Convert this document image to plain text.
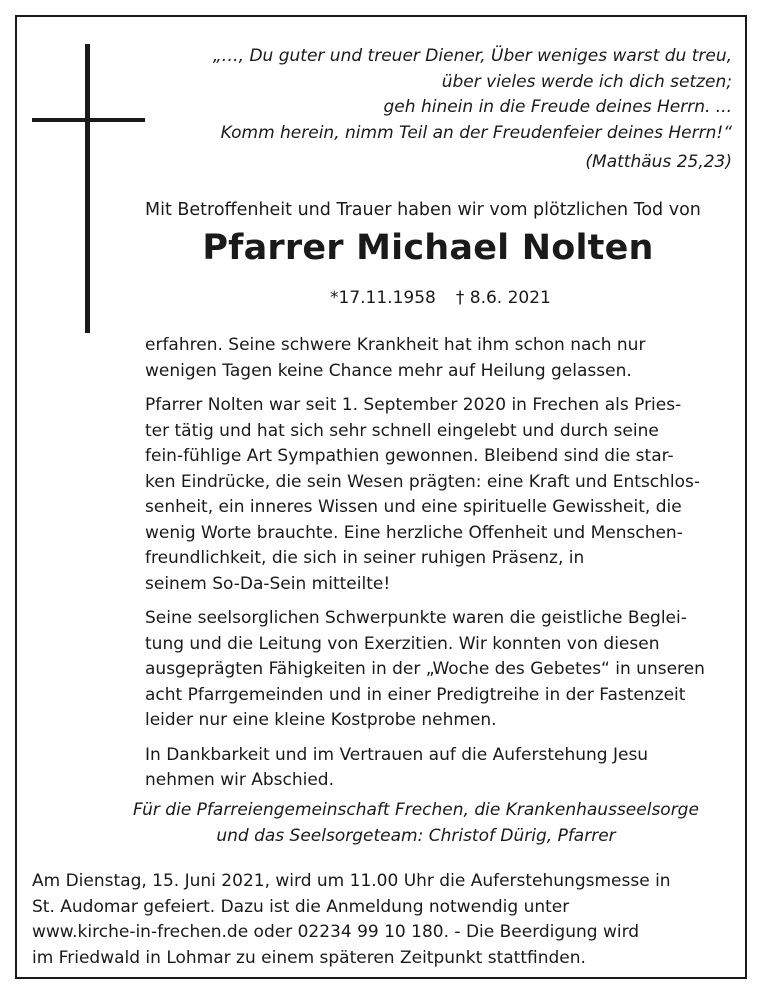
„…, Du guter und treuer Diener, Über weniges warst du treu,
über vieles werde ich dich setzen;
geh hinein in die Freude deines Herrn. ...
Komm herein, nimm Teil an der Freudenfeier deines Herrn!“
(Matthäus 25,23)
Mit Betroffenheit und Trauer haben wir vom plötzlichen Tod von
Pfarrer Michael Nolten
*17.11.1958 † 8.6. 2021
erfahren. Seine schwere Krankheit hat ihm schon nach nur
wenigen Tagen keine Chance mehr auf Heilung gelassen.
Pfarrer Nolten war seit 1. September 2020 in Frechen als Pries-
ter tätig und hat sich sehr schnell eingelebt und durch seine
fein-fühlige Art Sympathien gewonnen. Bleibend sind die star-
ken Eindrücke, die sein Wesen prägten: eine Kraft und Entschlos-
senheit, ein inneres Wissen und eine spirituelle Gewissheit, die
wenig Worte brauchte. Eine herzliche Offenheit und Menschen-
freundlichkeit, die sich in seiner ruhigen Präsenz, in
seinem So-Da-Sein mitteilte!
Seine seelsorglichen Schwerpunkte waren die geistliche Beglei-
tung und die Leitung von Exerzitien. Wir konnten von diesen
ausgeprägten Fähigkeiten in der „Woche des Gebetes“ in unseren
acht Pfarrgemeinden und in einer Predigtreihe in der Fastenzeit
leider nur eine kleine Kostprobe nehmen.
In Dankbarkeit und im Vertrauen auf die Auferstehung Jesu
nehmen wir Abschied.
Für die Pfarreiengemeinschaft Frechen, die Krankenhausseelsorge
und das Seelsorgeteam: Christof Dürig, Pfarrer
Am Dienstag, 15. Juni 2021, wird um 11.00 Uhr die Auferstehungsmesse in
St. Audomar gefeiert. Dazu ist die Anmeldung notwendig unter
www.kirche-in-frechen.de oder 02234 99 10 180. - Die Beerdigung wird
im Friedwald in Lohmar zu einem späteren Zeitpunkt stattfinden.
